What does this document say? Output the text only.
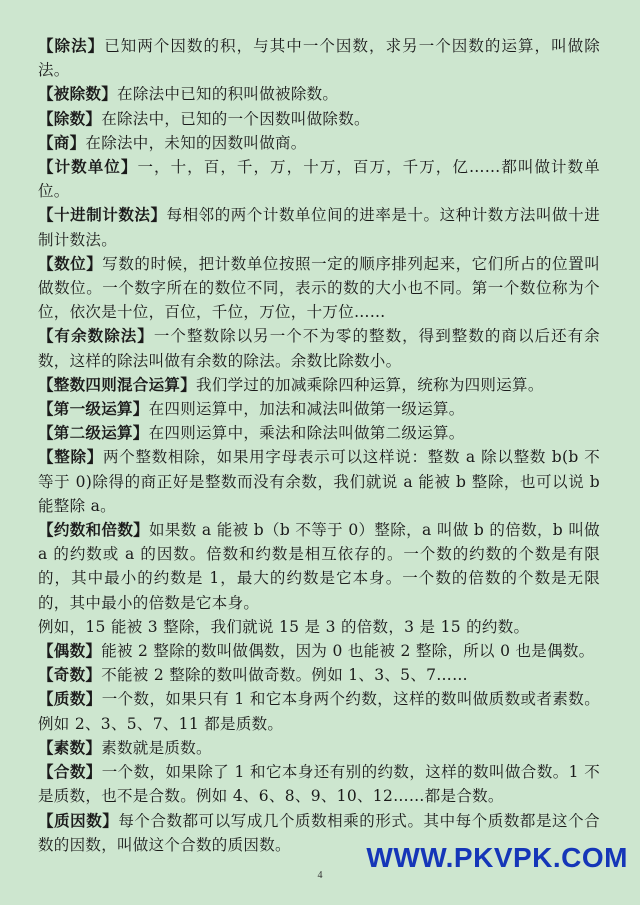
【除法】已知两个因数的积，与其中一个因数，求另一个因数的运算，叫做除法。

【被除数】在除法中已知的积叫做被除数。

【除数】在除法中，已知的一个因数叫做除数。

【商】在除法中，未知的因数叫做商。

【计数单位】一，十，百，千，万，十万，百万，千万，亿……都叫做计数单位。

【十进制计数法】每相邻的两个计数单位间的进率是十。这种计数方法叫做十进制计数法。

【数位】写数的时候，把计数单位按照一定的顺序排列起来，它们所占的位置叫做数位。一个数字所在的数位不同，表示的数的大小也不同。第一个数位称为个位，依次是十位，百位，千位，万位，十万位……

【有余数除法】一个整数除以另一个不为零的整数，得到整数的商以后还有余数，这样的除法叫做有余数的除法。余数比除数小。

【整数四则混合运算】我们学过的加减乘除四种运算，统称为四则运算。

【第一级运算】在四则运算中，加法和减法叫做第一级运算。

【第二级运算】在四则运算中，乘法和除法叫做第二级运算。

【整除】两个整数相除，如果用字母表示可以这样说：整数 a 除以整数 b(b 不等于 0)除得的商正好是整数而没有余数，我们就说 a 能被 b 整除，也可以说 b 能整除 a。

【约数和倍数】如果数 a 能被 b（b 不等于 0）整除，a 叫做 b 的倍数，b 叫做 a 的约数或 a 的因数。倍数和约数是相互依存的。一个数的约数的个数是有限的，其中最小的约数是 1，最大的约数是它本身。一个数的倍数的个数是无限的，其中最小的倍数是它本身。

例如，15 能被 3 整除，我们就说 15 是 3 的倍数，3 是 15 的约数。

【偶数】能被 2 整除的数叫做偶数，因为 0 也能被 2 整除，所以 0 也是偶数。

【奇数】不能被 2 整除的数叫做奇数。例如 1、3、5、7……

【质数】一个数，如果只有 1 和它本身两个约数，这样的数叫做质数或者素数。例如 2、3、5、7、11 都是质数。

【素数】素数就是质数。

【合数】一个数，如果除了 1 和它本身还有别的约数，这样的数叫做合数。1 不是质数，也不是合数。例如 4、6、8、9、10、12……都是合数。

【质因数】每个合数都可以写成几个质数相乘的形式。其中每个质数都是这个合数的因数，叫做这个合数的质因数。

4
WWW.PKVPK.COM
